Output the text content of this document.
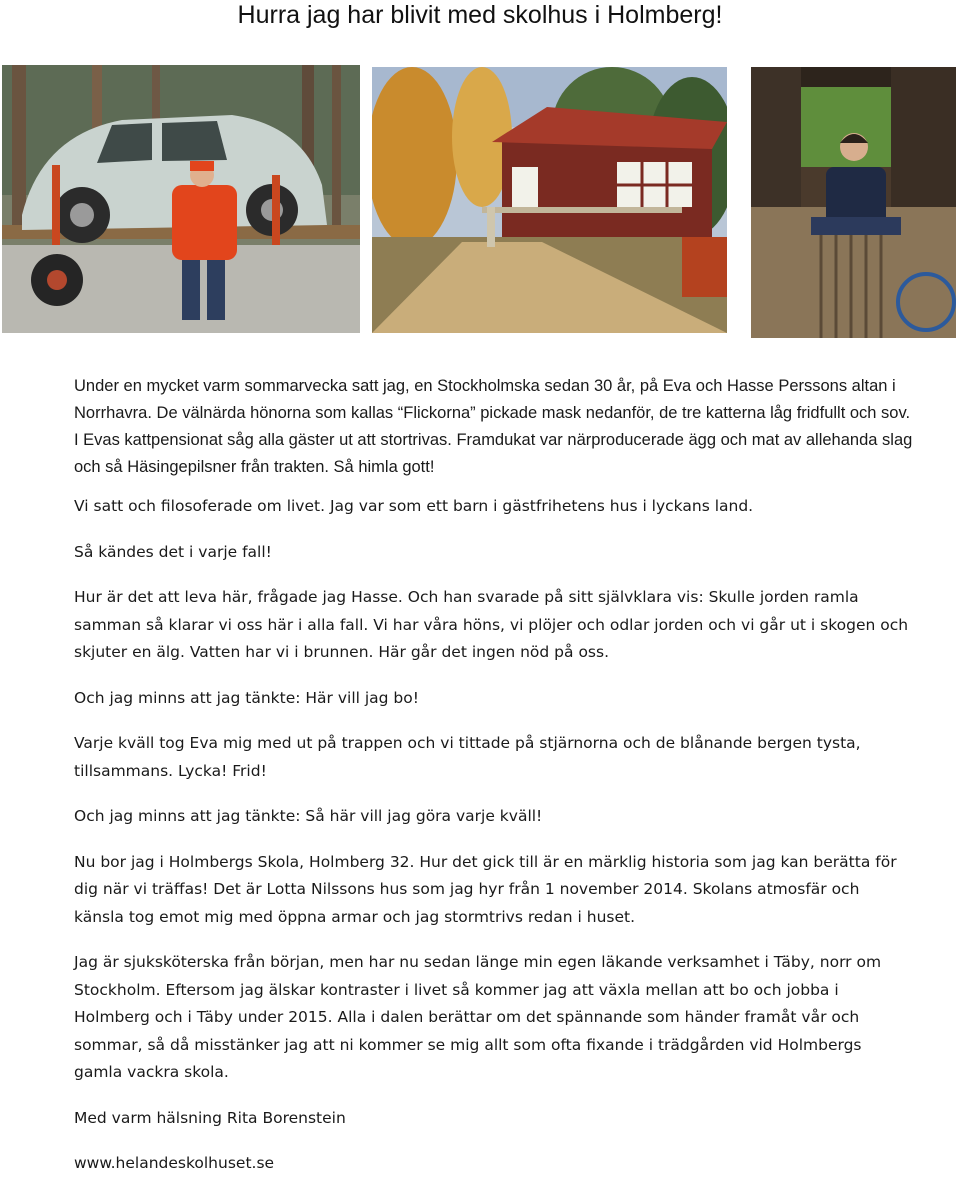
Hurra jag har blivit med skolhus i Holmberg!

Under en mycket varm sommarvecka satt jag, en Stockholmska sedan 30 år, på Eva och Hasse Perssons altan i Norrhavra. De välnärda hönorna som kallas “Flickorna” pickade mask nedanför, de tre katterna låg fridfullt och sov. I Evas kattpensionat såg alla gäster ut att stortrivas. Framdukat var närproducerade ägg och mat av allehanda slag och så Häsingepilsner från trakten. Så himla gott!

Vi satt och filosoferade om livet. Jag var som ett barn i gästfrihetens hus i lyckans land.

Så kändes det i varje fall!

Hur är det att leva här, frågade jag Hasse. Och han svarade på sitt självklara vis: Skulle jorden ramla samman så klarar vi oss här i alla fall. Vi har våra höns, vi plöjer och odlar jorden och vi går ut i skogen och skjuter en älg. Vatten har vi i brunnen. Här går det ingen nöd på oss.

Och jag minns att jag tänkte: Här vill jag bo!

Varje kväll tog Eva mig med ut på trappen och vi tittade på stjärnorna och de blånande bergen tysta, tillsammans. Lycka! Frid!

Och jag minns att jag tänkte: Så här vill jag göra varje kväll!

Nu bor jag i Holmbergs Skola, Holmberg 32. Hur det gick till är en märklig historia som jag kan berätta för dig när vi träffas! Det är Lotta Nilssons hus som jag hyr från 1 november 2014. Skolans atmosfär och känsla tog emot mig med öppna armar och jag stormtrivs redan i huset.

Jag är sjuksköterska från början, men har nu sedan länge min egen läkande verksamhet i Täby, norr om Stockholm. Eftersom jag älskar kontraster i livet så kommer jag att växla mellan att bo och jobba i Holmberg och i Täby under 2015. Alla i dalen berättar om det spännande som händer framåt vår och sommar, så då misstänker jag att ni kommer se mig allt som ofta fixande i trädgården vid Holmbergs gamla vackra skola.

Med varm hälsning Rita Borenstein

www.helandeskolhuset.se
